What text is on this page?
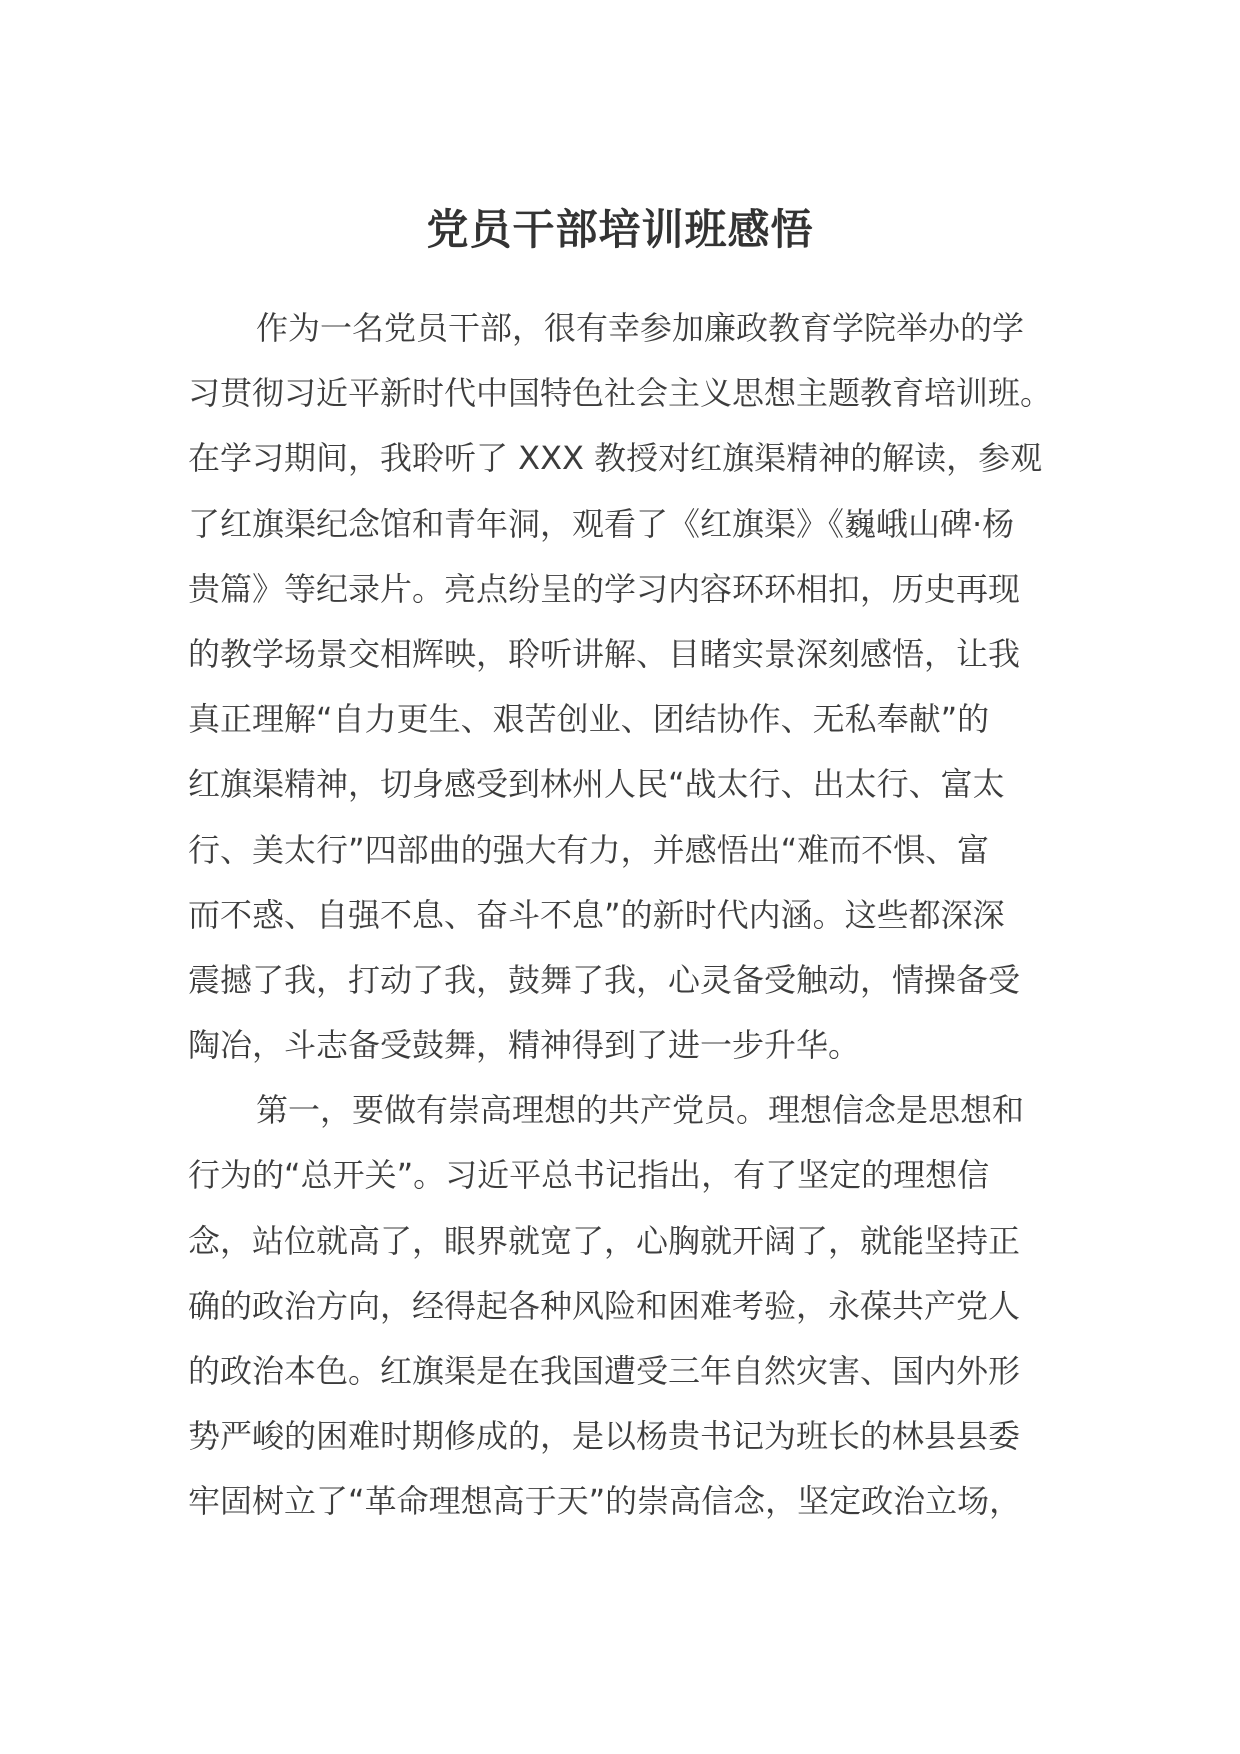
党员干部培训班感悟
作为一名党员干部，很有幸参加廉政教育学院举办的学
习贯彻习近平新时代中国特色社会主义思想主题教育培训班。
在学习期间，我聆听了 XXX 教授对红旗渠精神的解读，参观
了红旗渠纪念馆和青年洞，观看了《红旗渠》《巍峨山碑·杨
贵篇》等纪录片。亮点纷呈的学习内容环环相扣，历史再现
的教学场景交相辉映，聆听讲解、目睹实景深刻感悟，让我
真正理解“自力更生、艰苦创业、团结协作、无私奉献”的
红旗渠精神，切身感受到林州人民“战太行、出太行、富太
行、美太行”四部曲的强大有力，并感悟出“难而不惧、富
而不惑、自强不息、奋斗不息”的新时代内涵。这些都深深
震撼了我，打动了我，鼓舞了我，心灵备受触动，情操备受
陶冶，斗志备受鼓舞，精神得到了进一步升华。
第一，要做有崇高理想的共产党员。理想信念是思想和
行为的“总开关”。习近平总书记指出，有了坚定的理想信
念，站位就高了，眼界就宽了，心胸就开阔了，就能坚持正
确的政治方向，经得起各种风险和困难考验，永葆共产党人
的政治本色。红旗渠是在我国遭受三年自然灾害、国内外形
势严峻的困难时期修成的，是以杨贵书记为班长的林县县委
牢固树立了“革命理想高于天”的崇高信念，坚定政治立场，
